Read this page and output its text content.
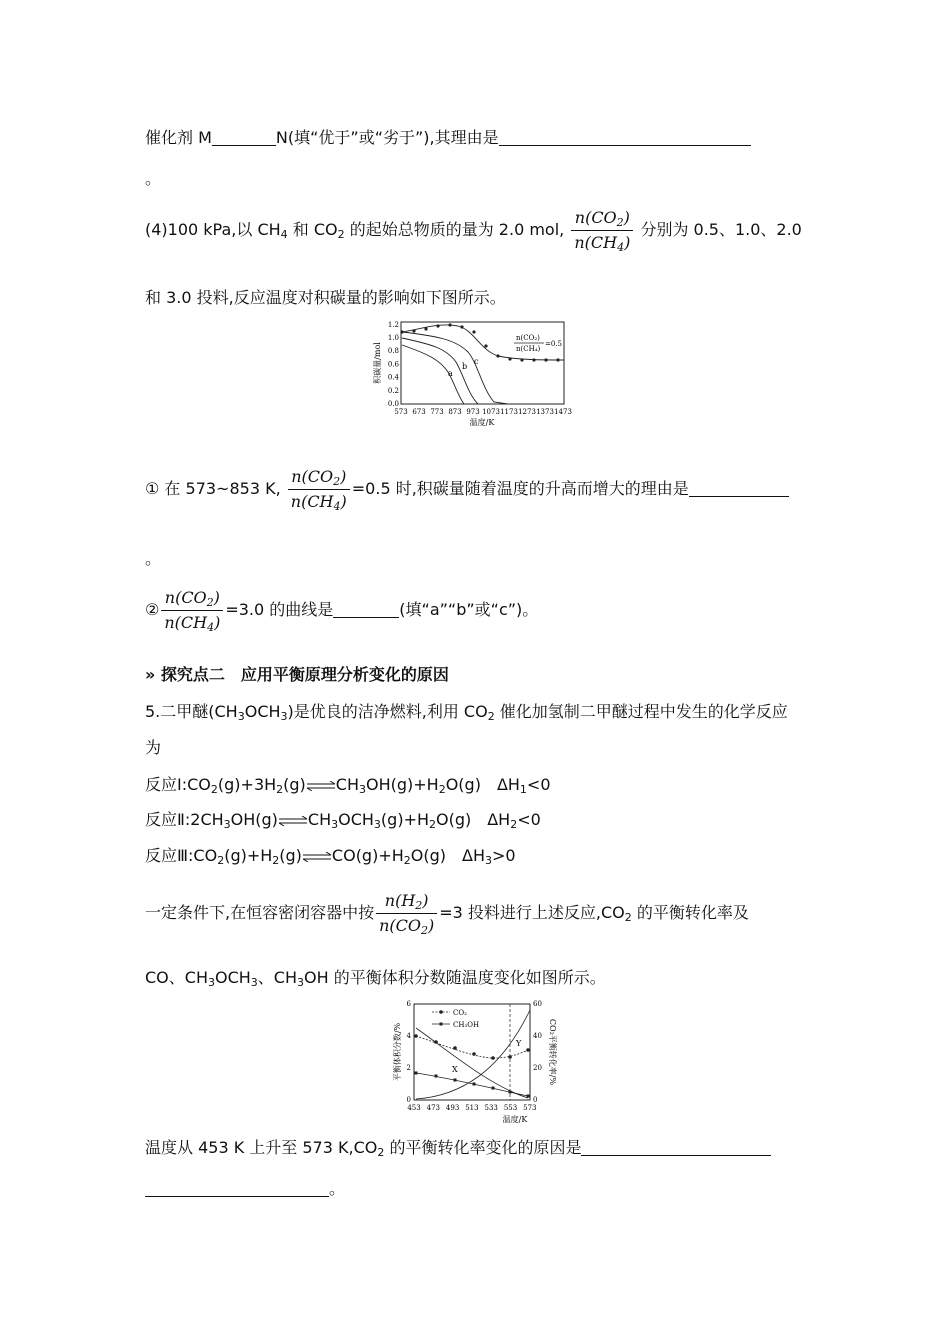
催化剂 M	N(填“优于”或“劣于”),其理由是
。
(4)100 kPa,以 $CH_4$ 和 $CO_2$ 的起始总物质的量为 2.0 mol, $\frac{n(CO_2)}{n(CH_4)}$ 分别为 0.5、1.0、2.0
和 3.0 投料,反应温度对积碳量的影响如下图所示。
积碳量/mol
0.0
0.2
0.4
0.6
0.8
1.0
1.2
573 673 773 873 973 1073 1173 1273 1373 1473
温度/K
a
b
c
n(CO₂)
n(CH₄)
=0.5
① 在 573~853 K, $\frac{n(CO_2)}{n(CH_4)} =0.5$ 时,积碳量随着温度的升高而增大的理由是
。
② $\frac{n(CO_2)}{n(CH_4)} =3.0$ 的曲线是	(填“a”“b”或“c”)。
» 探究点二　应用平衡原理分析变化的原因
5.二甲醚$(CH_3OCH_3)$是优良的洁净燃料,利用 $CO_2$ 催化加氢制二甲醚过程中发生的化学反应
为
反应$Ⅰ:CO_2(g)+3H_2(g)\rightleftharpoons CH_3OH(g)+H_2O(g)$　$\Delta H_1<0$
反应$Ⅱ:2CH_3OH(g)\rightleftharpoons CH_3OCH_3(g)+H_2O(g)$　$\Delta H_2<0$
反应$Ⅲ:CO_2(g)+H_2(g)\rightleftharpoons CO(g)+H_2O(g)$　$\Delta H_3>0$
一定条件下,在恒容密闭容器中按 $\frac{n(H_2)}{n(CO_2)} =3$ 投料进行上述反应$,CO_2$ 的平衡转化率及
CO、$CH_3OCH_3$、$CH_3OH$ 的平衡体积分数随温度变化如图所示。
平衡体积分数/%	CO₂平衡转化率/%
0
2
4
6
0
20
40
60
453 473 493 513 533 553 573
温度/K
CO₂
CH₃OH
X
Y
温度从 453 K 上升至 573 $K,CO_2$ 的平衡转化率变化的原因是
。
